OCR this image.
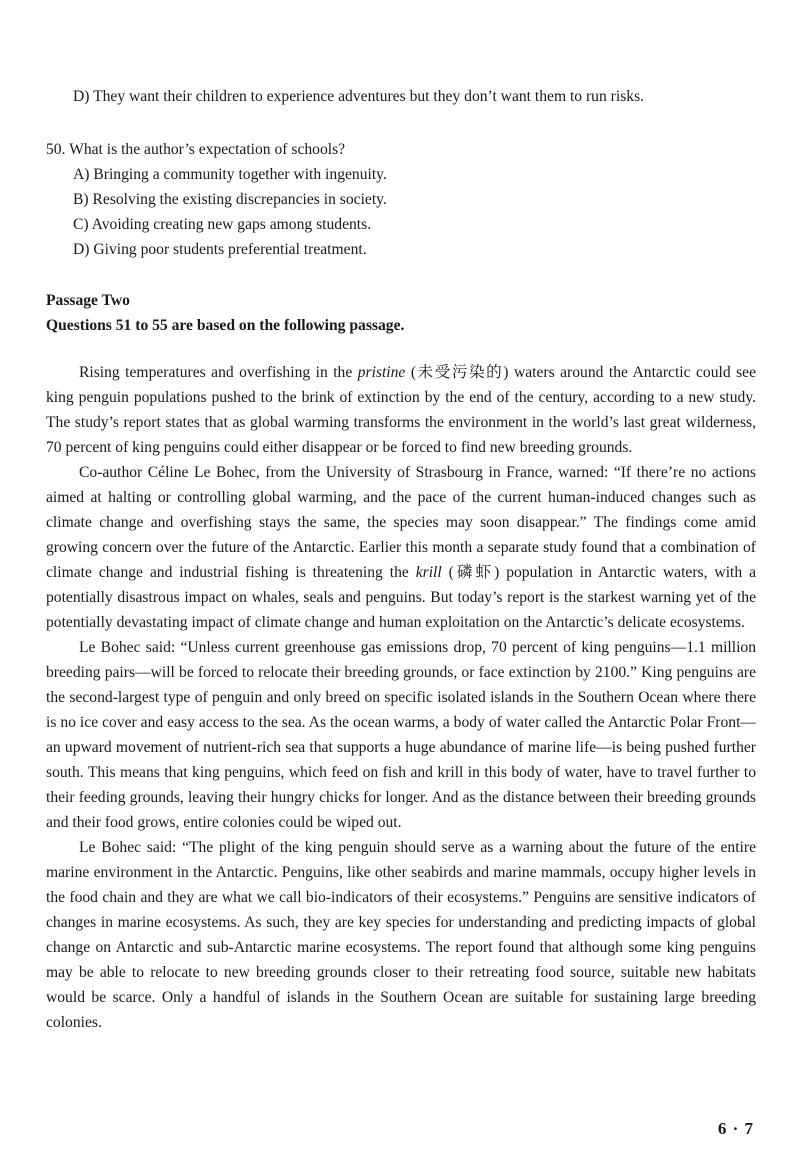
D) They want their children to experience adventures but they don’t want them to run risks.
50. What is the author’s expectation of schools?
A) Bringing a community together with ingenuity.
B) Resolving the existing discrepancies in society.
C) Avoiding creating new gaps among students.
D) Giving poor students preferential treatment.
Passage Two
Questions 51 to 55 are based on the following passage.

Rising temperatures and overfishing in the pristine (未受污染的) waters around the Antarctic could see king penguin populations pushed to the brink of extinction by the end of the century, according to a new study. The study’s report states that as global warming transforms the environment in the world’s last great wilderness, 70 percent of king penguins could either disappear or be forced to find new breeding grounds.

Co-author Céline Le Bohec, from the University of Strasbourg in France, warned: “If there’re no actions aimed at halting or controlling global warming, and the pace of the current human-induced changes such as climate change and overfishing stays the same, the species may soon disappear.” The findings come amid growing concern over the future of the Antarctic. Earlier this month a separate study found that a combination of climate change and industrial fishing is threatening the krill (磷虾) population in Antarctic waters, with a potentially disastrous impact on whales, seals and penguins. But today’s report is the starkest warning yet of the potentially devastating impact of climate change and human exploitation on the Antarctic’s delicate ecosystems.

Le Bohec said: “Unless current greenhouse gas emissions drop, 70 percent of king penguins—1.1 million breeding pairs—will be forced to relocate their breeding grounds, or face extinction by 2100.” King penguins are the second-largest type of penguin and only breed on specific isolated islands in the Southern Ocean where there is no ice cover and easy access to the sea. As the ocean warms, a body of water called the Antarctic Polar Front—an upward movement of nutrient-rich sea that supports a huge abundance of marine life—is being pushed further south. This means that king penguins, which feed on fish and krill in this body of water, have to travel further to their feeding grounds, leaving their hungry chicks for longer. And as the distance between their breeding grounds and their food grows, entire colonies could be wiped out.

Le Bohec said: “The plight of the king penguin should serve as a warning about the future of the entire marine environment in the Antarctic. Penguins, like other seabirds and marine mammals, occupy higher levels in the food chain and they are what we call bio-indicators of their ecosystems.” Penguins are sensitive indicators of changes in marine ecosystems. As such, they are key species for understanding and predicting impacts of global change on Antarctic and sub-Antarctic marine ecosystems. The report found that although some king penguins may be able to relocate to new breeding grounds closer to their retreating food source, suitable new habitats would be scarce. Only a handful of islands in the Southern Ocean are suitable for sustaining large breeding colonies.

6 · 7
